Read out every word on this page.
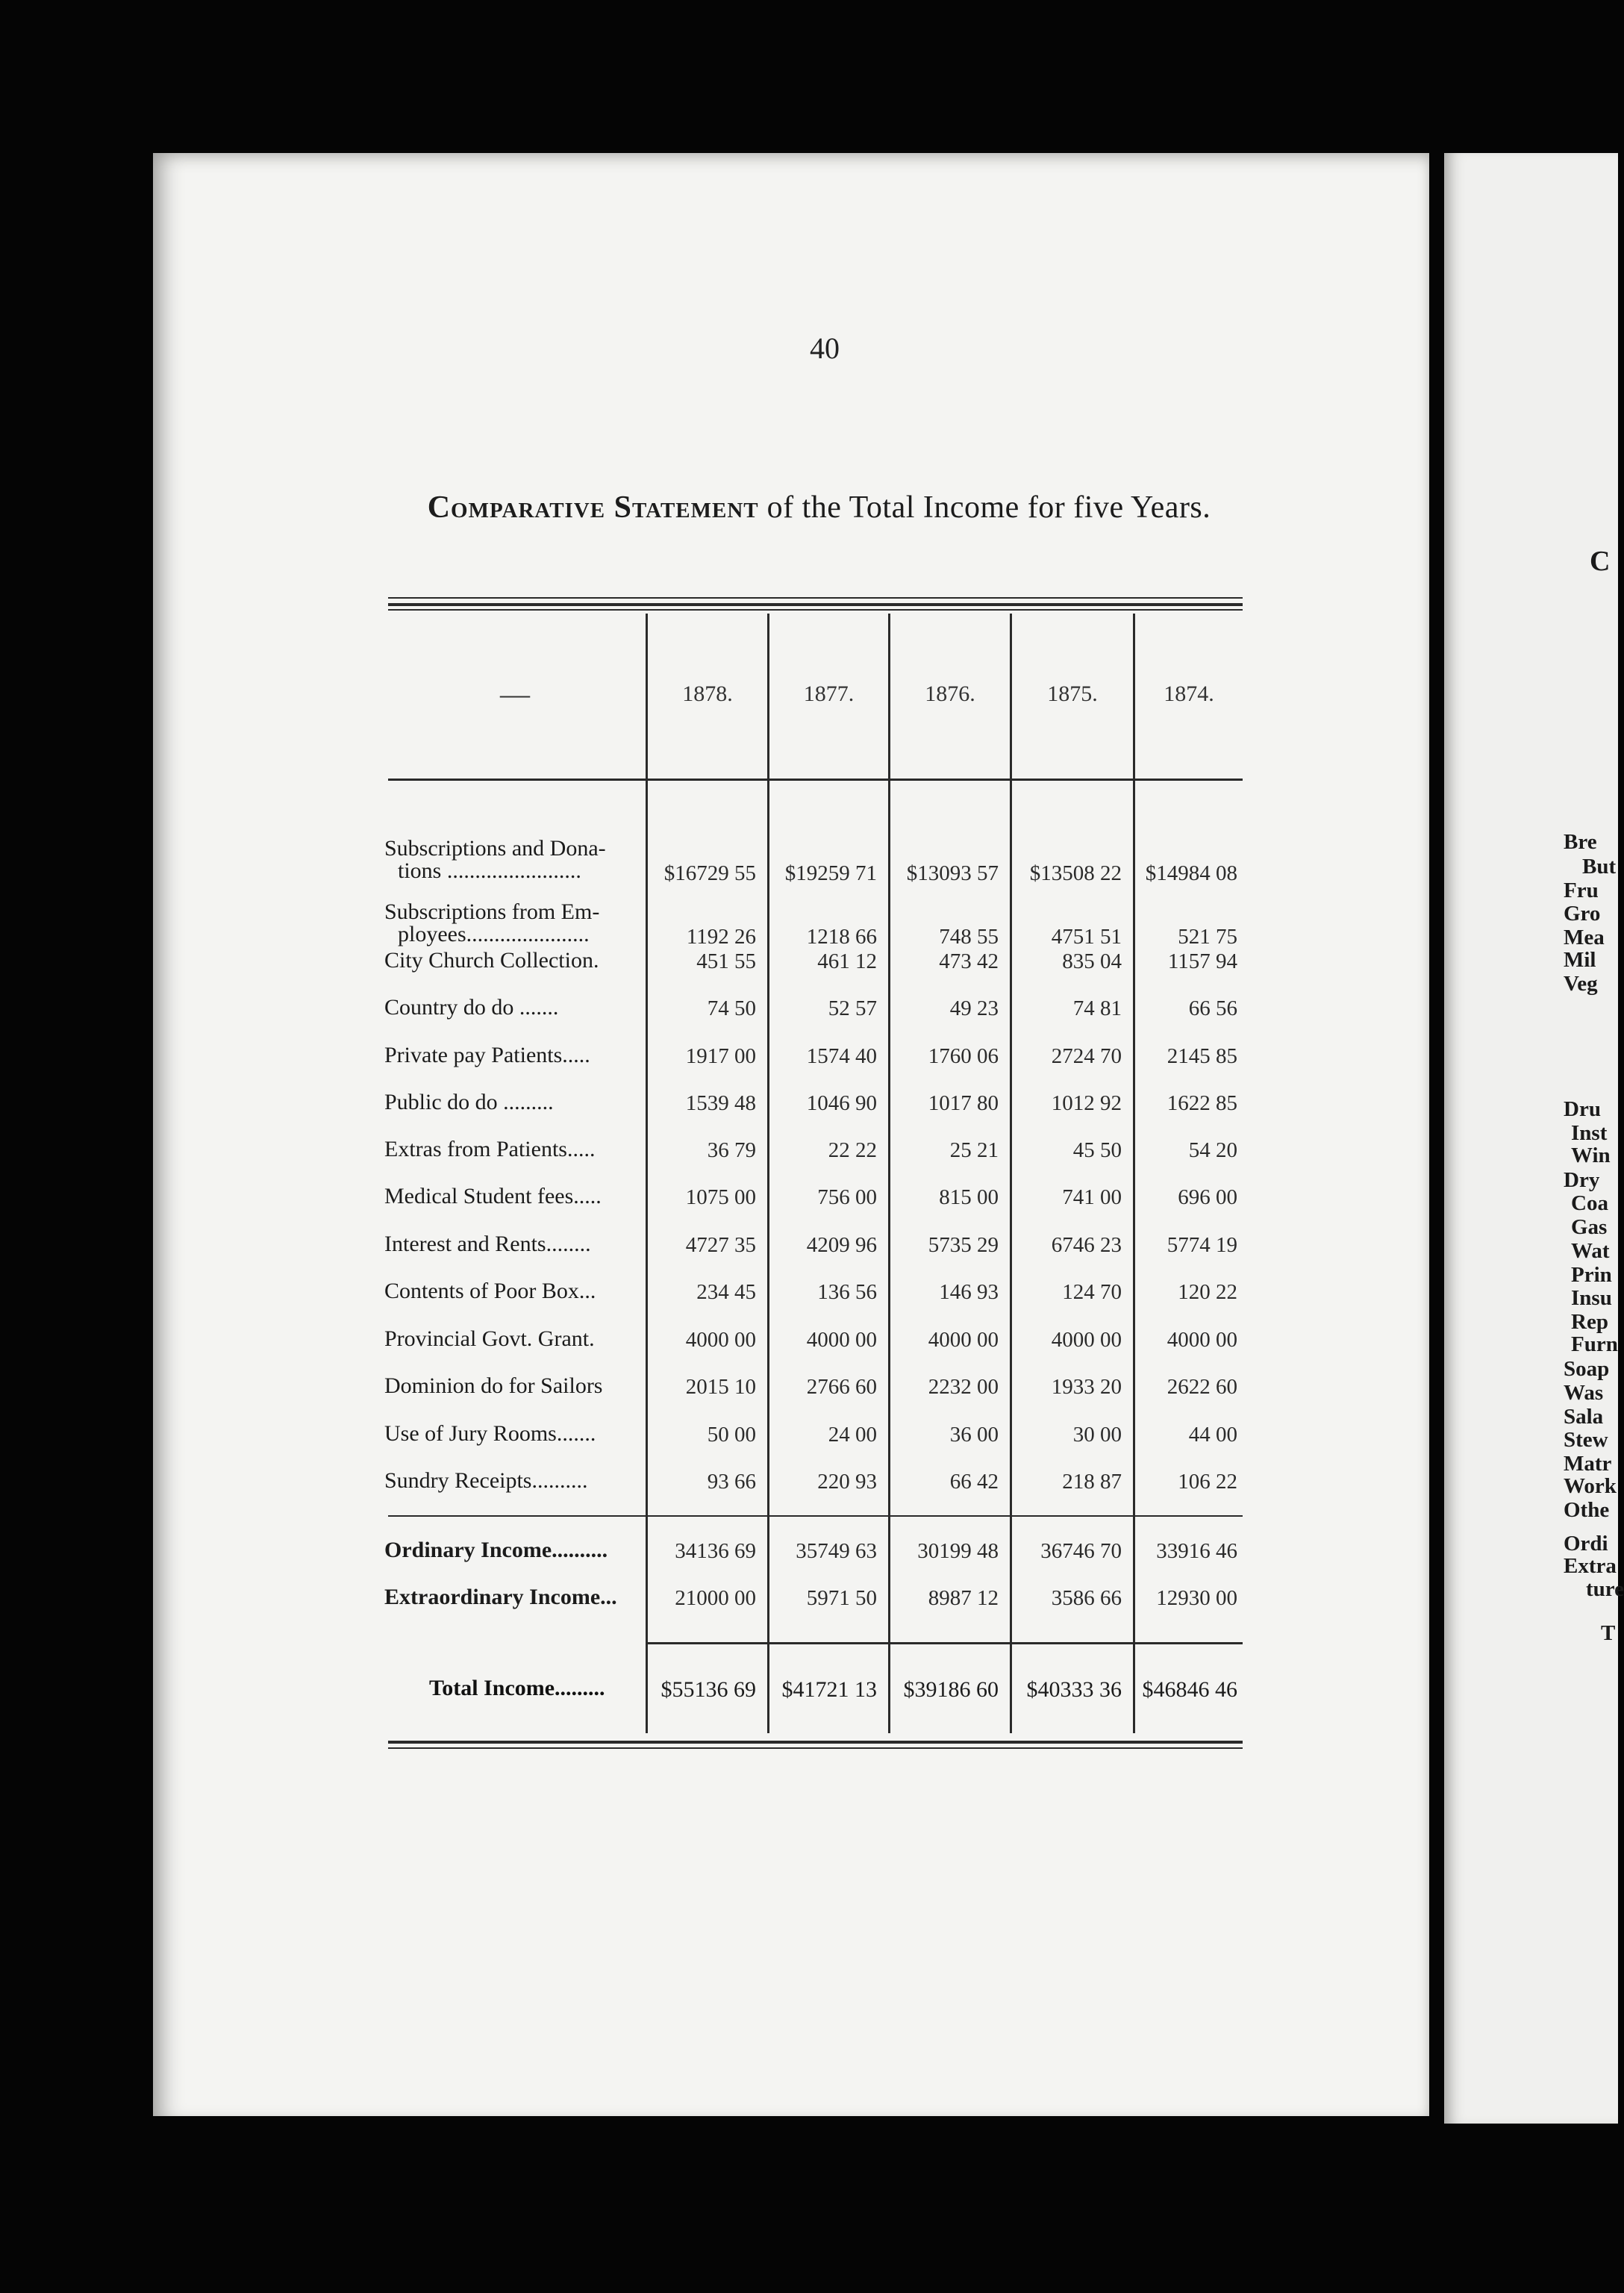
40
Comparative Statement of the Total Income for five Years.
—	1878.	1877.	1876.	1875.	1874.
Subscriptions and Dona-
tions ........................	$16729 55	$19259 71	$13093 57	$13508 22	$14984 08
Subscriptions from Em-
ployees......................	1192 26	1218 66	748 55	4751 51	521 75
City Church Collection.	451 55	461 12	473 42	835 04	1157 94
Country do do .......	74 50	52 57	49 23	74 81	66 56
Private pay Patients.....	1917 00	1574 40	1760 06	2724 70	2145 85
Public do do .........	1539 48	1046 90	1017 80	1012 92	1622 85
Extras from Patients.....	36 79	22 22	25 21	45 50	54 20
Medical Student fees.....	1075 00	756 00	815 00	741 00	696 00
Interest and Rents........	4727 35	4209 96	5735 29	6746 23	5774 19
Contents of Poor Box...	234 45	136 56	146 93	124 70	120 22
Provincial Govt. Grant.	4000 00	4000 00	4000 00	4000 00	4000 00
Dominion do for Sailors	2015 10	2766 60	2232 00	1933 20	2622 60
Use of Jury Rooms.......	50 00	24 00	36 00	30 00	44 00
Sundry Receipts..........	93 66	220 93	66 42	218 87	106 22
Ordinary Income..........	34136 69	35749 63	30199 48	36746 70	33916 46
Extraordinary Income...	21000 00	5971 50	8987 12	3586 66	12930 00
Total Income.........	$55136 69	$41721 13	$39186 60	$40333 36 $46846 46
C
Bre
But
Fru
Gro
Mea
Mil
Veg
Dru
Inst
Win
Dry
Coa
Gas
Wat
Prin
Insu
Rep
Furn
Soap
Was
Sala
Stew
Matr
Work
Othe
Ordi
Extra
ture
T
